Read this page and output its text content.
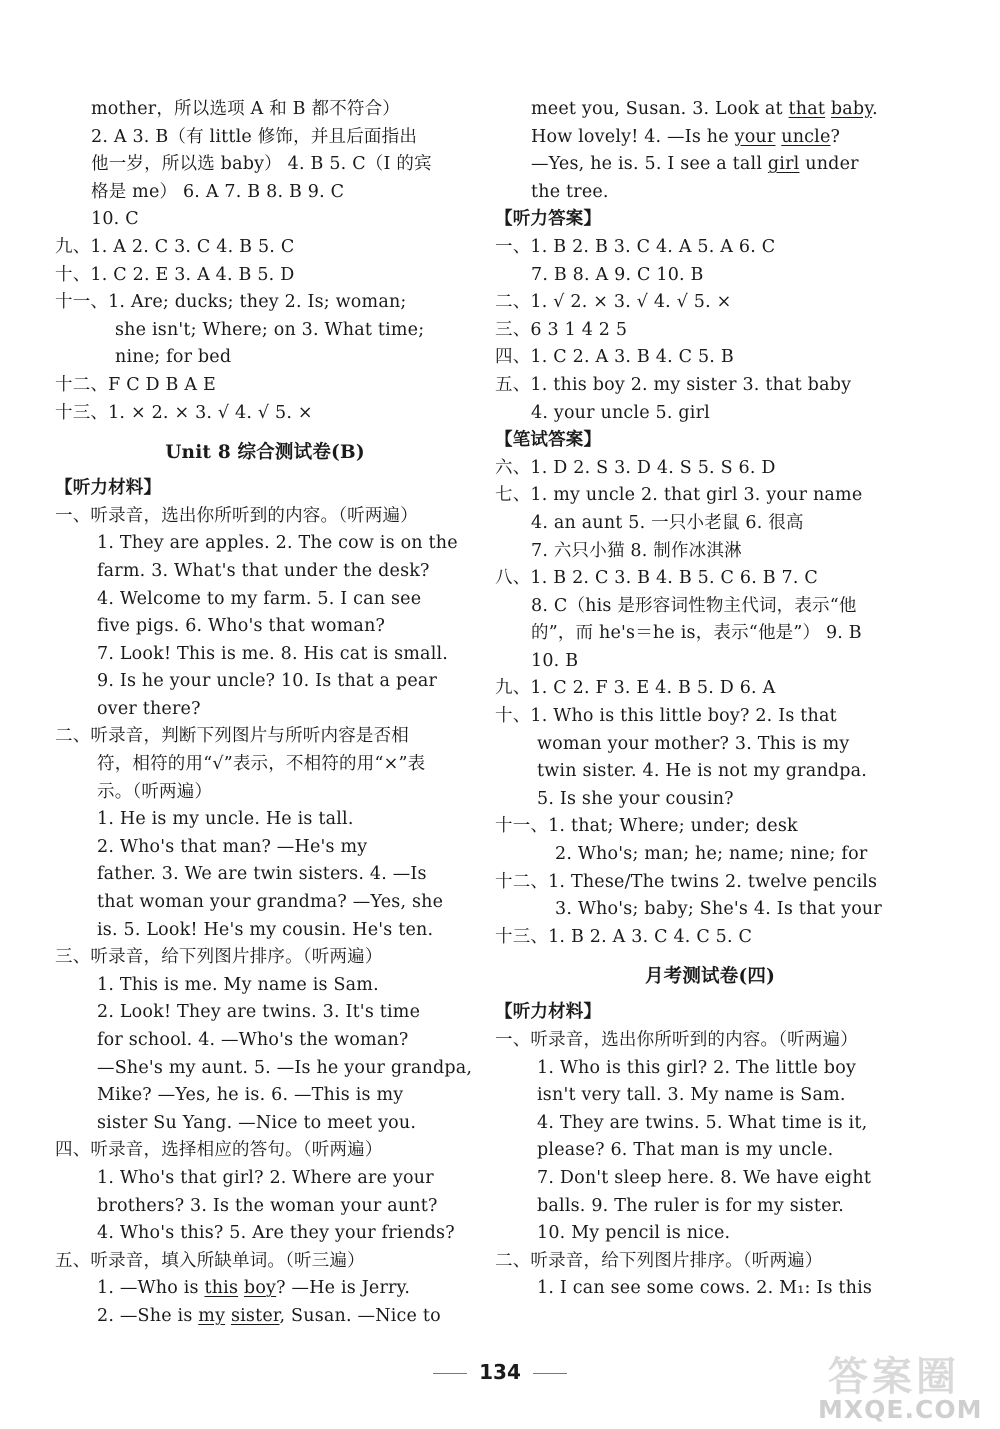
mother，所以选项 A 和 B 都不符合）
2. A 3. B（有 little 修饰，并且后面指出
他一岁，所以选 baby） 4. B 5. C（I 的宾
格是 me） 6. A 7. B 8. B 9. C
10. C
九、1. A 2. C 3. C 4. B 5. C
十、1. C 2. E 3. A 4. B 5. D
十一、1. Are; ducks; they 2. Is; woman;
she isn't; Where; on 3. What time;
nine; for bed
十二、F C D B A E
十三、1. × 2. × 3. √ 4. √ 5. ×
Unit 8 综合测试卷(B)
【听力材料】
一、听录音，选出你所听到的内容。（听两遍）
1. They are apples. 2. The cow is on the
farm. 3. What's that under the desk?
4. Welcome to my farm. 5. I can see
five pigs. 6. Who's that woman?
7. Look! This is me. 8. His cat is small.
9. Is he your uncle? 10. Is that a pear
over there?
二、听录音，判断下列图片与所听内容是否相
符，相符的用“√”表示，不相符的用“×”表
示。（听两遍）
1. He is my uncle. He is tall.
2. Who's that man? —He's my
father. 3. We are twin sisters. 4. —Is
that woman your grandma? —Yes, she
is. 5. Look! He's my cousin. He's ten.
三、听录音，给下列图片排序。（听两遍）
1. This is me. My name is Sam.
2. Look! They are twins. 3. It's time
for school. 4. —Who's the woman?
—She's my aunt. 5. —Is he your grandpa,
Mike? —Yes, he is. 6. —This is my
sister Su Yang. —Nice to meet you.
四、听录音，选择相应的答句。（听两遍）
1. Who's that girl? 2. Where are your
brothers? 3. Is the woman your aunt?
4. Who's this? 5. Are they your friends?
五、听录音，填入所缺单词。（听三遍）
1. —Who is this boy? —He is Jerry.
2. —She is my sister, Susan. —Nice to
meet you, Susan. 3. Look at that baby.
How lovely! 4. —Is he your uncle?
—Yes, he is. 5. I see a tall girl under
the tree.
【听力答案】
一、1. B 2. B 3. C 4. A 5. A 6. C
7. B 8. A 9. C 10. B
二、1. √ 2. × 3. √ 4. √ 5. ×
三、6 3 1 4 2 5
四、1. C 2. A 3. B 4. C 5. B
五、1. this boy 2. my sister 3. that baby
4. your uncle 5. girl
【笔试答案】
六、1. D 2. S 3. D 4. S 5. S 6. D
七、1. my uncle 2. that girl 3. your name
4. an aunt 5. 一只小老鼠 6. 很高
7. 六只小猫 8. 制作冰淇淋
八、1. B 2. C 3. B 4. B 5. C 6. B 7. C
8. C（his 是形容词性物主代词，表示“他
的”，而 he's＝he is，表示“他是”） 9. B
10. B
九、1. C 2. F 3. E 4. B 5. D 6. A
十、1. Who is this little boy? 2. Is that
woman your mother? 3. This is my
twin sister. 4. He is not my grandpa.
5. Is she your cousin?
十一、1. that; Where; under; desk
2. Who's; man; he; name; nine; for
十二、1. These/The twins 2. twelve pencils
3. Who's; baby; She's 4. Is that your
十三、1. B 2. A 3. C 4. C 5. C
月考测试卷(四)
【听力材料】
一、听录音，选出你所听到的内容。（听两遍）
1. Who is this girl? 2. The little boy
isn't very tall. 3. My name is Sam.
4. They are twins. 5. What time is it,
please? 6. That man is my uncle.
7. Don't sleep here. 8. We have eight
balls. 9. The ruler is for my sister.
10. My pencil is nice.
二、听录音，给下列图片排序。（听两遍）
1. I can see some cows. 2. M₁: Is this
134	答案圈
MXQE.COM
